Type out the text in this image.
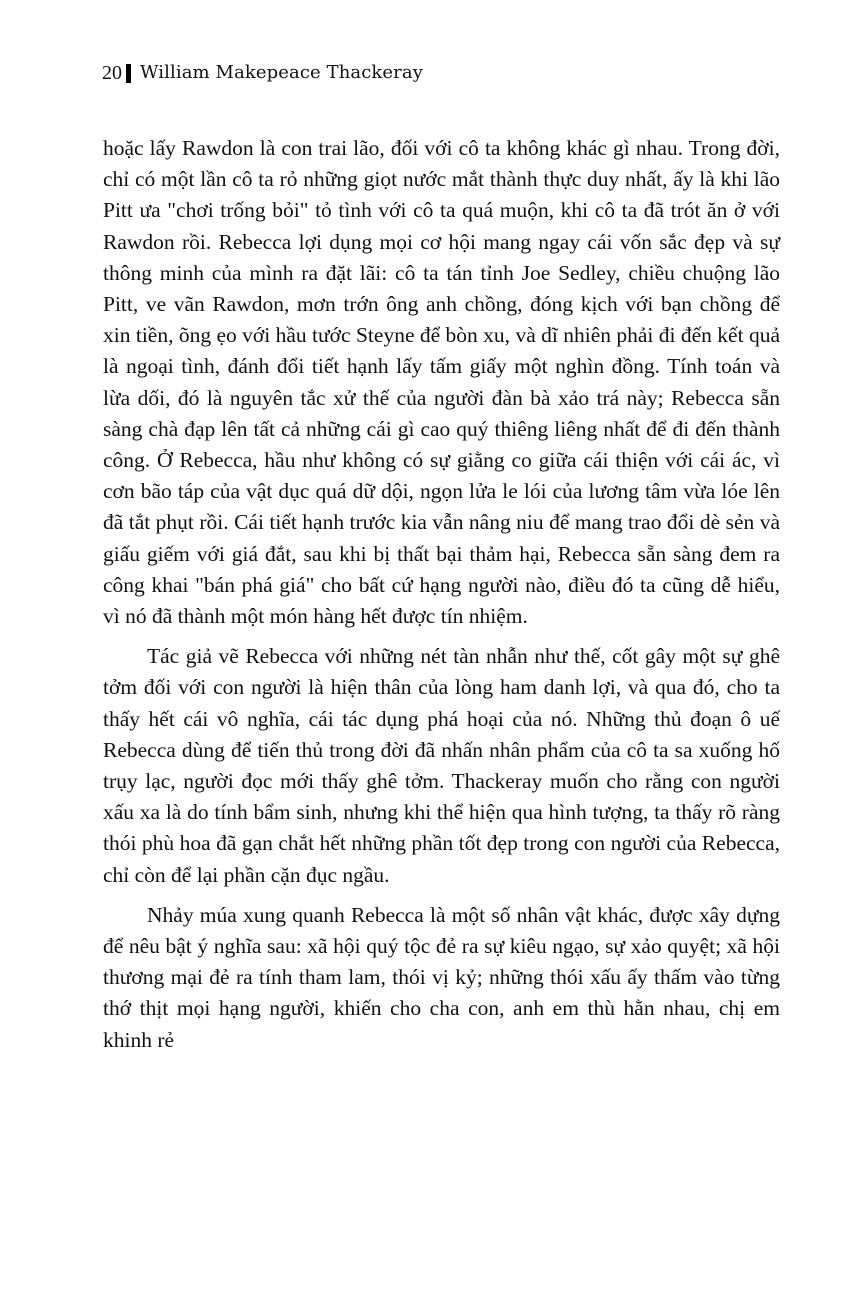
20 William Makepeace Thackeray

hoặc lấy Rawdon là con trai lão, đối với cô ta không khác gì nhau. Trong đời, chỉ có một lần cô ta rỏ những giọt nước mắt thành thực duy nhất, ấy là khi lão Pitt ưa "chơi trống bỏi" tỏ tình với cô ta quá muộn, khi cô ta đã trót ăn ở với Rawdon rồi. Rebecca lợi dụng mọi cơ hội mang ngay cái vốn sắc đẹp và sự thông minh của mình ra đặt lãi: cô ta tán tỉnh Joe Sedley, chiều chuộng lão Pitt, ve vãn Rawdon, mơn trớn ông anh chồng, đóng kịch với bạn chồng để xin tiền, õng ẹo với hầu tước Steyne để bòn xu, và dĩ nhiên phải đi đến kết quả là ngoại tình, đánh đổi tiết hạnh lấy tấm giấy một nghìn đồng. Tính toán và lừa dối, đó là nguyên tắc xử thế của người đàn bà xảo trá này; Rebecca sẵn sàng chà đạp lên tất cả những cái gì cao quý thiêng liêng nhất để đi đến thành công. Ở Rebecca, hầu như không có sự giằng co giữa cái thiện với cái ác, vì cơn bão táp của vật dục quá dữ dội, ngọn lửa le lói của lương tâm vừa lóe lên đã tắt phụt rồi. Cái tiết hạnh trước kia vẫn nâng niu để mang trao đổi dè sẻn và giấu giếm với giá đắt, sau khi bị thất bại thảm hại, Rebecca sẵn sàng đem ra công khai "bán phá giá" cho bất cứ hạng người nào, điều đó ta cũng dễ hiểu, vì nó đã thành một món hàng hết được tín nhiệm.

Tác giả vẽ Rebecca với những nét tàn nhẫn như thế, cốt gây một sự ghê tởm đối với con người là hiện thân của lòng ham danh lợi, và qua đó, cho ta thấy hết cái vô nghĩa, cái tác dụng phá hoại của nó. Những thủ đoạn ô uế Rebecca dùng để tiến thủ trong đời đã nhấn nhân phẩm của cô ta sa xuống hố trụy lạc, người đọc mới thấy ghê tởm. Thackeray muốn cho rằng con người xấu xa là do tính bẩm sinh, nhưng khi thể hiện qua hình tượng, ta thấy rõ ràng thói phù hoa đã gạn chắt hết những phần tốt đẹp trong con người của Rebecca, chỉ còn để lại phần cặn đục ngầu.

Nhảy múa xung quanh Rebecca là một số nhân vật khác, được xây dựng để nêu bật ý nghĩa sau: xã hội quý tộc đẻ ra sự kiêu ngạo, sự xảo quyệt; xã hội thương mại đẻ ra tính tham lam, thói vị kỷ; những thói xấu ấy thấm vào từng thớ thịt mọi hạng người, khiến cho cha con, anh em thù hằn nhau, chị em khinh rẻ
